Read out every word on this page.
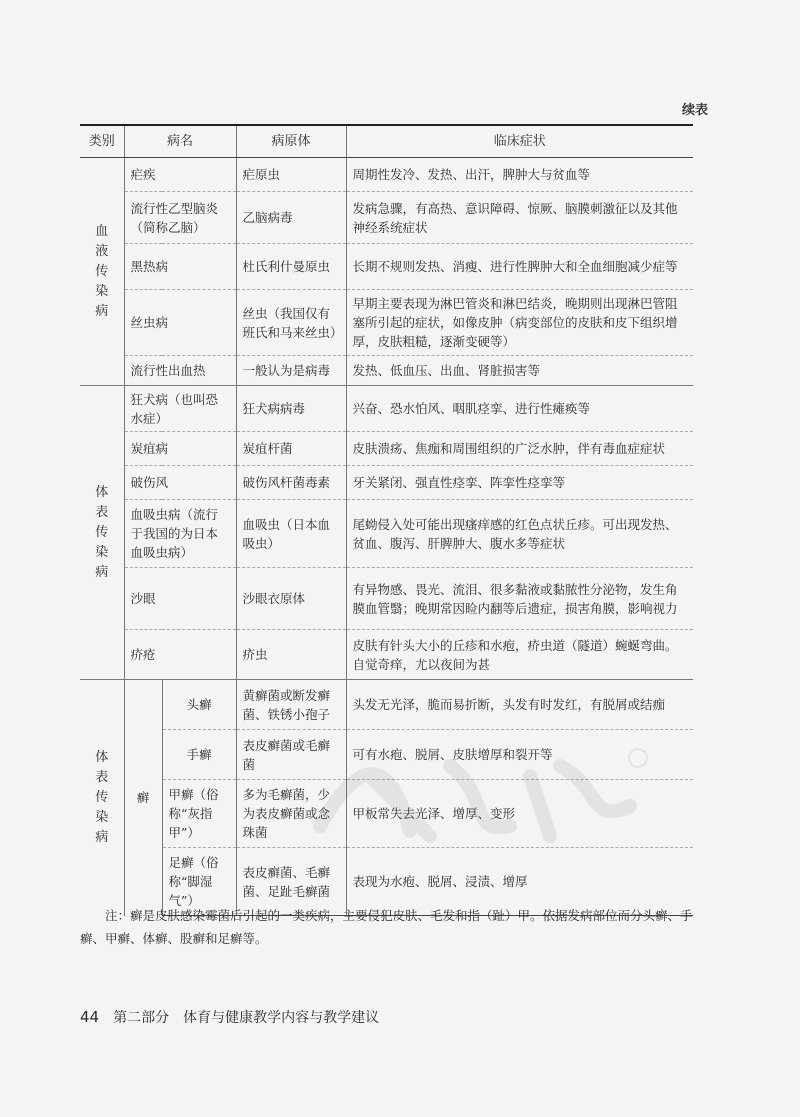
续表
类别	病名		病原体	临床症状

血
液
传
染
病	疟疾		疟原虫	周期性发冷、发热、出汗，脾肿大与贫血等
	流行性乙型脑炎（简称乙脑）		乙脑病毒	发病急骤，有高热、意识障碍、惊厥、脑膜刺激征以及其他神经系统症状
	黑热病		杜氏利什曼原虫	长期不规则发热、消瘦、进行性脾肿大和全血细胞减少症等
	丝虫病		丝虫（我国仅有班氏和马来丝虫）	早期主要表现为淋巴管炎和淋巴结炎，晚期则出现淋巴管阻塞所引起的症状，如像皮肿（病变部位的皮肤和皮下组织增厚，皮肤粗糙，逐渐变硬等）
	流行性出血热		一般认为是病毒	发热、低血压、出血、肾脏损害等

体
表
传
染
病	狂犬病（也叫恐水症）		狂犬病病毒	兴奋、恐水怕风、咽肌痉挛、进行性瘫痪等
	炭疽病		炭疽杆菌	皮肤溃疡、焦痂和周围组织的广泛水肿，伴有毒血症症状
	破伤风		破伤风杆菌毒素	牙关紧闭、强直性痉挛、阵挛性痉挛等
	血吸虫病（流行于我国的为日本血吸虫病）		血吸虫（日本血吸虫）	尾蚴侵入处可能出现瘙痒感的红色点状丘疹。可出现发热、贫血、腹泻、肝脾肿大、腹水多等症状
	沙眼		沙眼衣原体	有异物感、畏光、流泪、很多黏液或黏脓性分泌物，发生角膜血管翳；晚期常因睑内翻等后遗症，损害角膜，影响视力
	疥疮		疥虫	皮肤有针头大小的丘疹和水疱，疥虫道（隧道）蜿蜒弯曲。自觉奇痒，尤以夜间为甚

体
表
传
染
病	癣	头癣	黄癣菌或断发癣菌、铁锈小孢子	头发无光泽，脆而易折断，头发有时发红，有脱屑或结痂
		手癣	表皮癣菌或毛癣菌	可有水疱、脱屑、皮肤增厚和裂开等
		甲癣（俗称“灰指甲”）	多为毛癣菌，少为表皮癣菌或念珠菌	甲板常失去光泽、增厚、变形
		足癣（俗称“脚湿气”）	表皮癣菌、毛癣菌、足趾毛癣菌	表现为水疱、脱屑、浸渍、增厚
注：癣是皮肤感染霉菌后引起的一类疾病，主要侵犯皮肤、毛发和指（趾）甲。依据发病部位而分头癣、手癣、甲癣、体癣、股癣和足癣等。
44 第二部分　体育与健康教学内容与教学建议
